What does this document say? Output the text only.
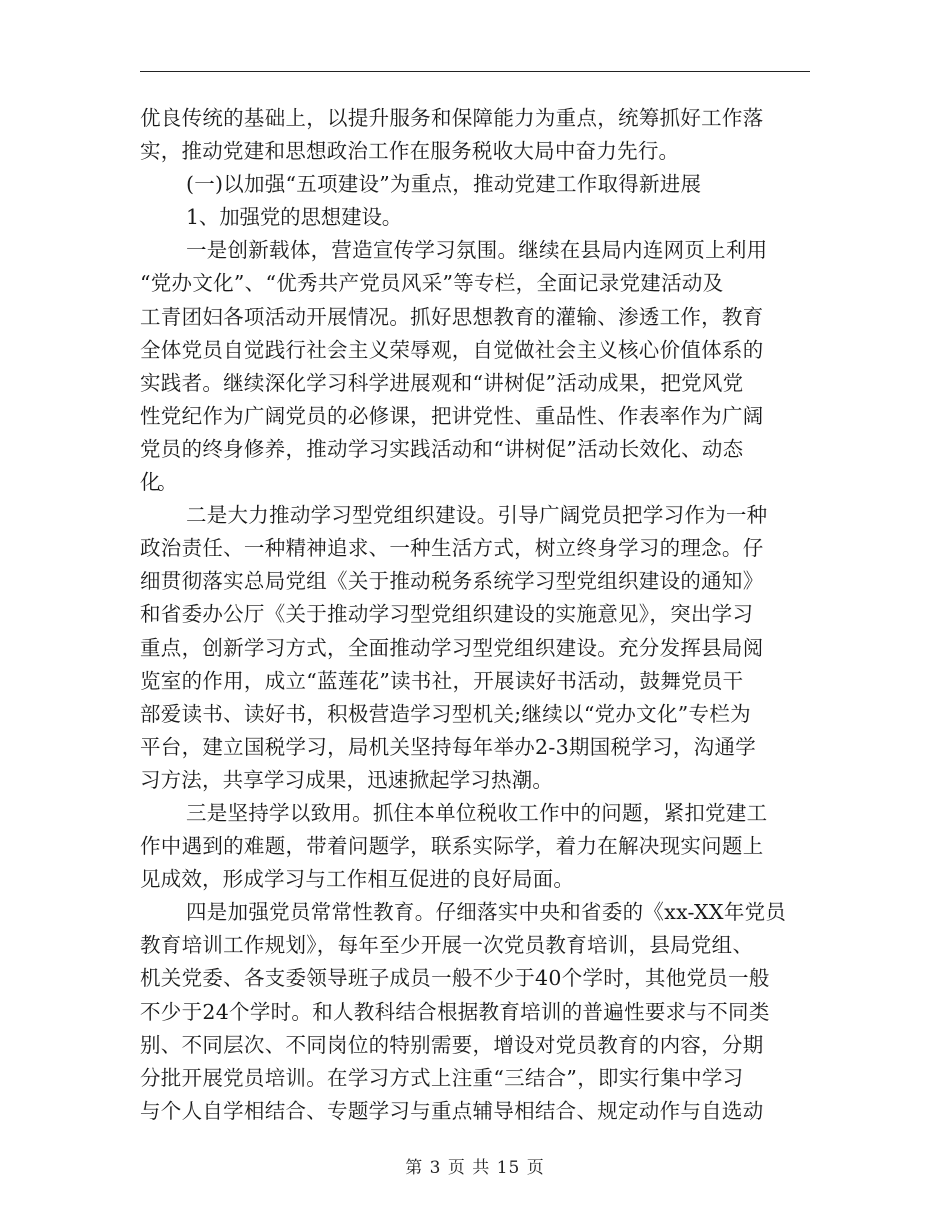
优良传统的基础上，以提升服务和保障能力为重点，统筹抓好工作落

实，推动党建和思想政治工作在服务税收大局中奋力先行。

(一)以加强“五项建设”为重点，推动党建工作取得新进展

1、加强党的思想建设。

一是创新载体，营造宣传学习氛围。继续在县局内连网页上利用

“党办文化”、“优秀共产党员风采”等专栏，全面记录党建活动及

工青团妇各项活动开展情况。抓好思想教育的灌输、渗透工作，教育

全体党员自觉践行社会主义荣辱观，自觉做社会主义核心价值体系的

实践者。继续深化学习科学进展观和“讲树促”活动成果，把党风党

性党纪作为广阔党员的必修课，把讲党性、重品性、作表率作为广阔

党员的终身修养，推动学习实践活动和“讲树促”活动长效化、动态

化。

二是大力推动学习型党组织建设。引导广阔党员把学习作为一种

政治责任、一种精神追求、一种生活方式，树立终身学习的理念。仔

细贯彻落实总局党组《关于推动税务系统学习型党组织建设的通知》

和省委办公厅《关于推动学习型党组织建设的实施意见》，突出学习

重点，创新学习方式，全面推动学习型党组织建设。充分发挥县局阅

览室的作用，成立“蓝莲花”读书社，开展读好书活动，鼓舞党员干

部爱读书、读好书，积极营造学习型机关;继续以“党办文化”专栏为

平台，建立国税学习，局机关坚持每年举办2-3期国税学习，沟通学

习方法，共享学习成果，迅速掀起学习热潮。

三是坚持学以致用。抓住本单位税收工作中的问题，紧扣党建工

作中遇到的难题，带着问题学，联系实际学，着力在解决现实问题上

见成效，形成学习与工作相互促进的良好局面。

四是加强党员常常性教育。仔细落实中央和省委的《xx-XX年党员

教育培训工作规划》，每年至少开展一次党员教育培训，县局党组、

机关党委、各支委领导班子成员一般不少于40个学时，其他党员一般

不少于24个学时。和人教科结合根据教育培训的普遍性要求与不同类

别、不同层次、不同岗位的特别需要，增设对党员教育的内容，分期

分批开展党员培训。在学习方式上注重“三结合”，即实行集中学习

与个人自学相结合、专题学习与重点辅导相结合、规定动作与自选动

第 3 页 共 15 页
